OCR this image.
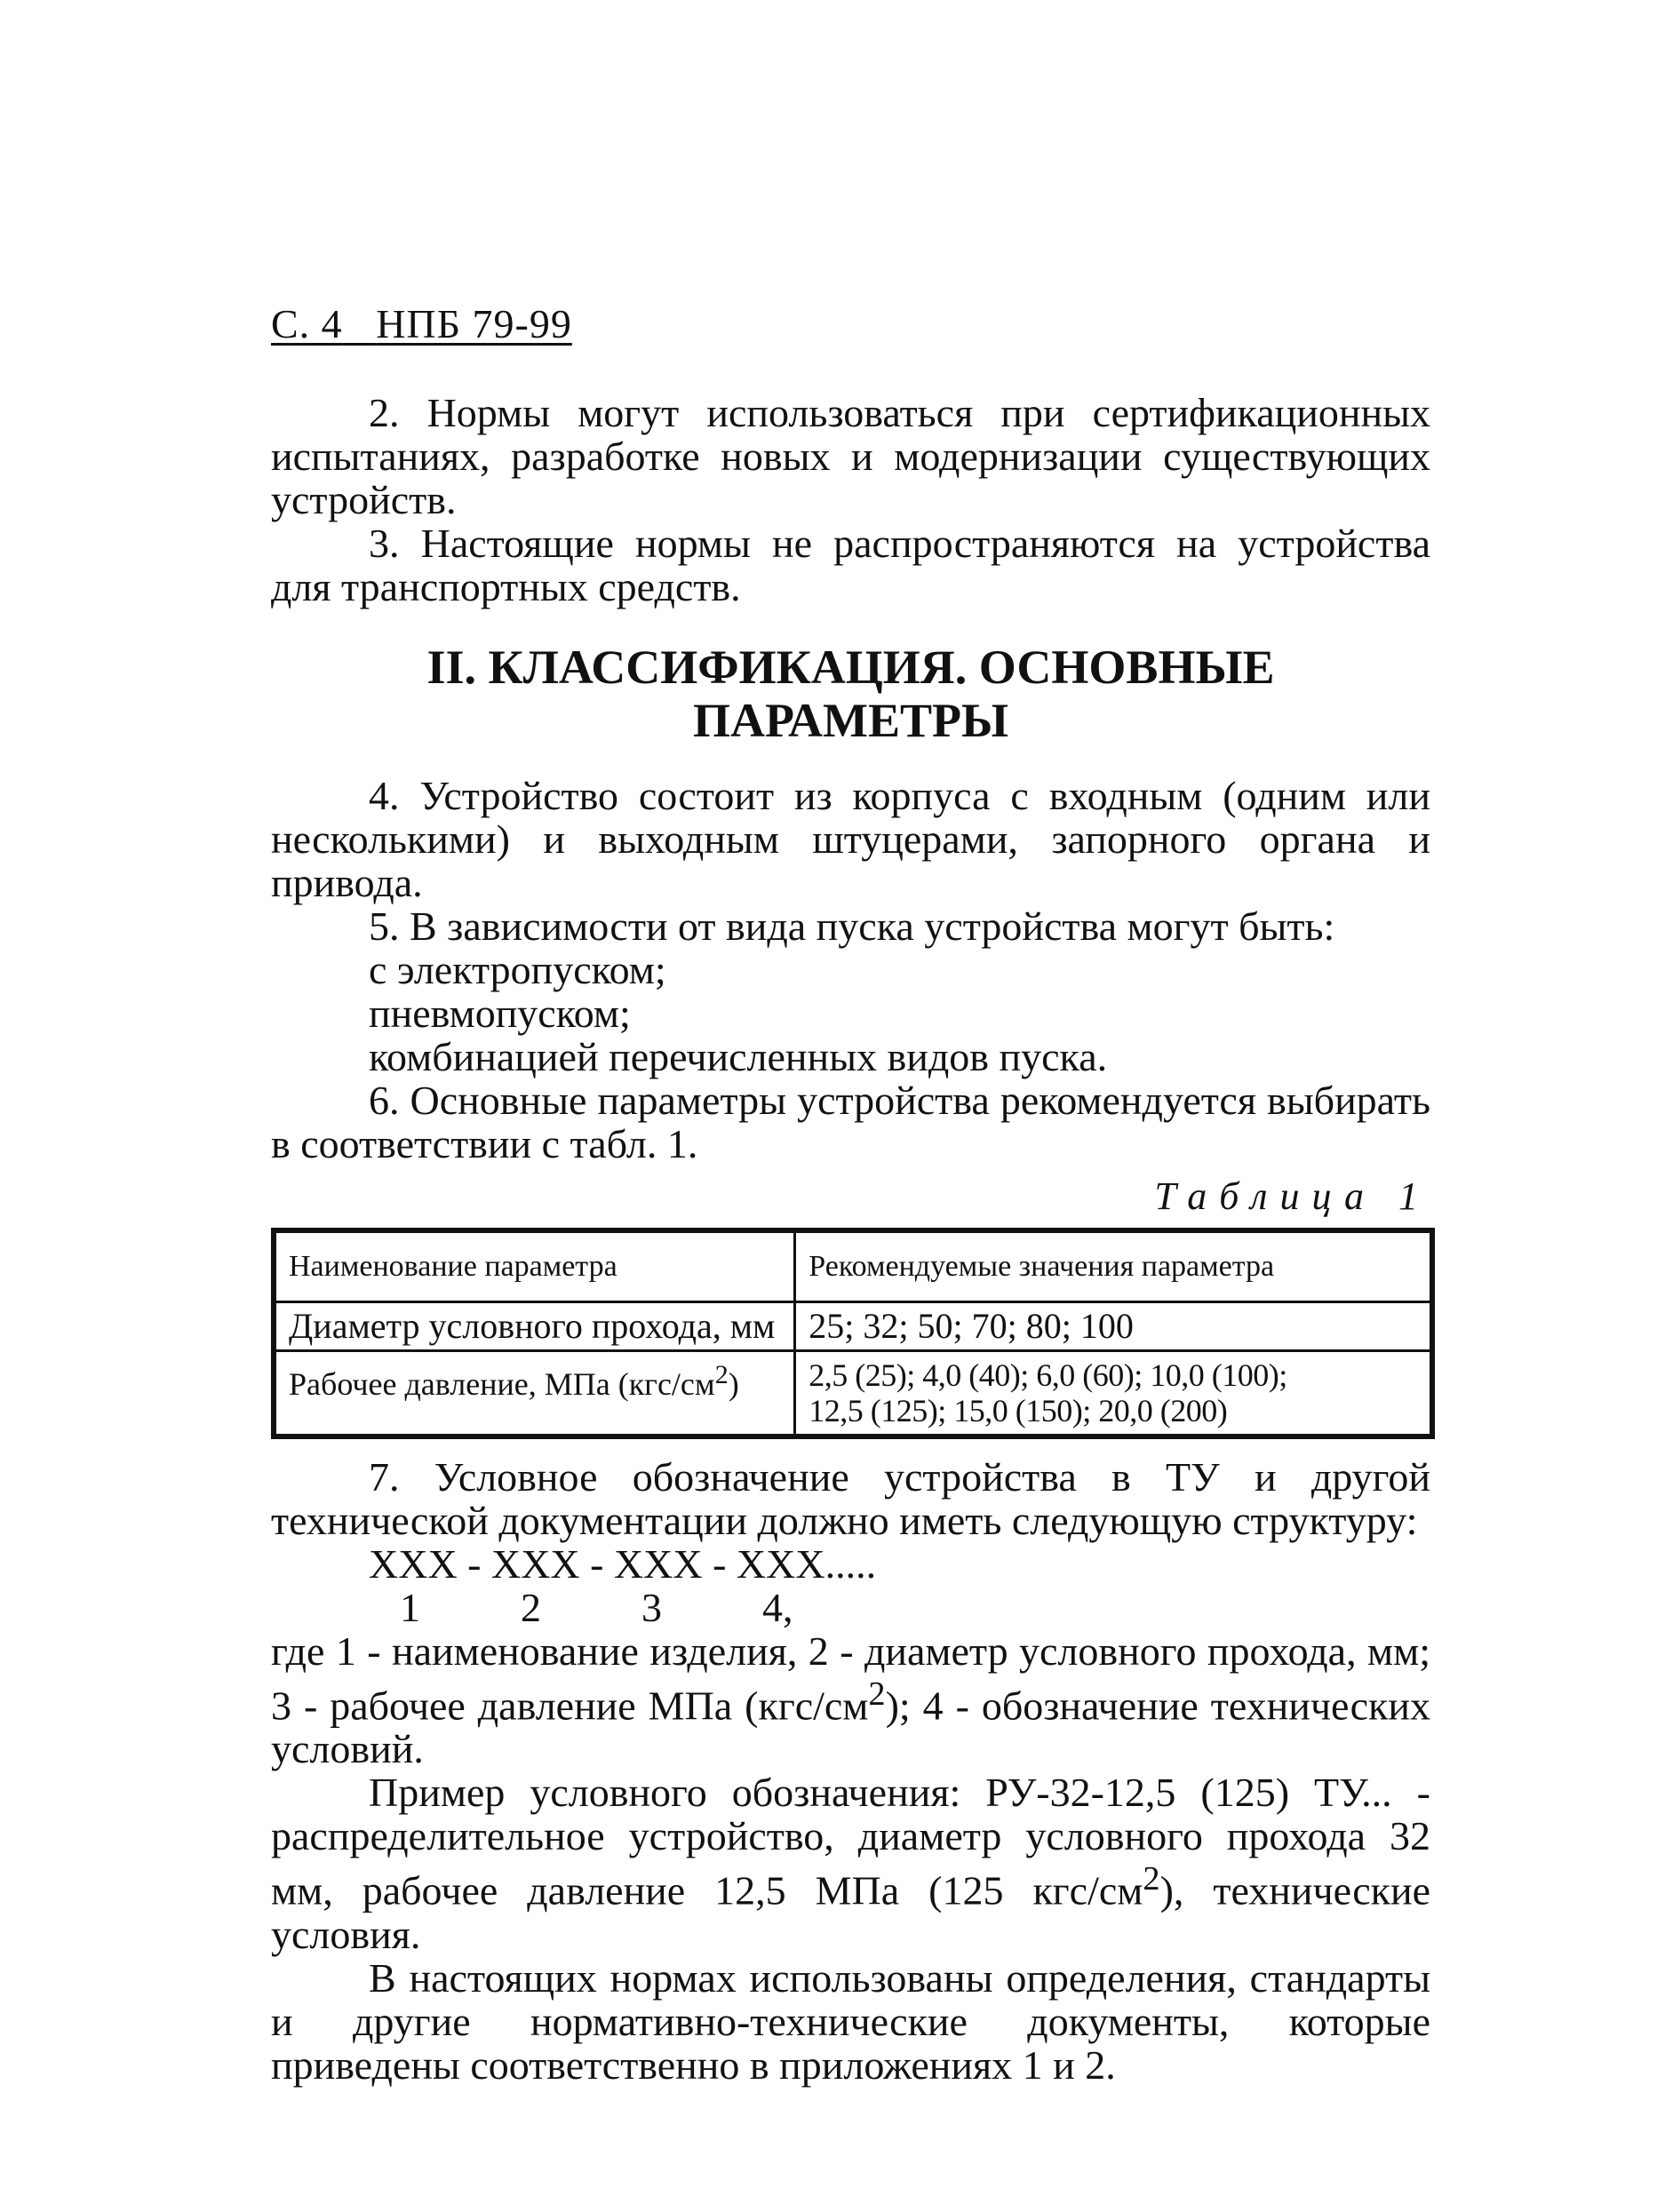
С. 4 НПБ 79-99

2. Нормы могут использоваться при сертификационных испытаниях, разработке новых и модернизации существующих устройств.

3. Настоящие нормы не распространяются на устройства для транспортных средств.

II. КЛАССИФИКАЦИЯ. ОСНОВНЫЕ ПАРАМЕТРЫ

4. Устройство состоит из корпуса с входным (одним или несколькими) и выходным штуцерами, запорного органа и привода.

5. В зависимости от вида пуска устройства могут быть:

с электропуском;

пневмопуском;

комбинацией перечисленных видов пуска.

6. Основные параметры устройства рекомендуется выбирать в соответствии с табл. 1.

Таблица 1
Наименование параметра	Рекомендуемые значения параметра
Диаметр условного прохода, мм	25; 32; 50; 70; 80; 100
Рабочее давление, МПа $(кгс/см^2)$	2,5 (25); 4,0 (40); 6,0 (60); 10,0 (100);
12,5 (125); 15,0 (150); 20,0 (200)

7. Условное обозначение устройства в ТУ и другой технической документации должно иметь следующую структуру:

XXX - XXX - XXX - XXX.....
1 2 3 4,

где 1 - наименование изделия, 2 - диаметр условного прохода, мм; 3 - рабочее давление МПа $(кгс/см^2)$; 4 - обозначение технических условий.

Пример условного обозначения: РУ-32-12,5 (125) ТУ... - распределительное устройство, диаметр условного прохода 32 мм, рабочее давление 12,5 МПа (125 кгс/$см^2$), технические условия.

В настоящих нормах использованы определения, стандарты и другие нормативно-технические документы, которые приведены соответственно в приложениях 1 и 2.
